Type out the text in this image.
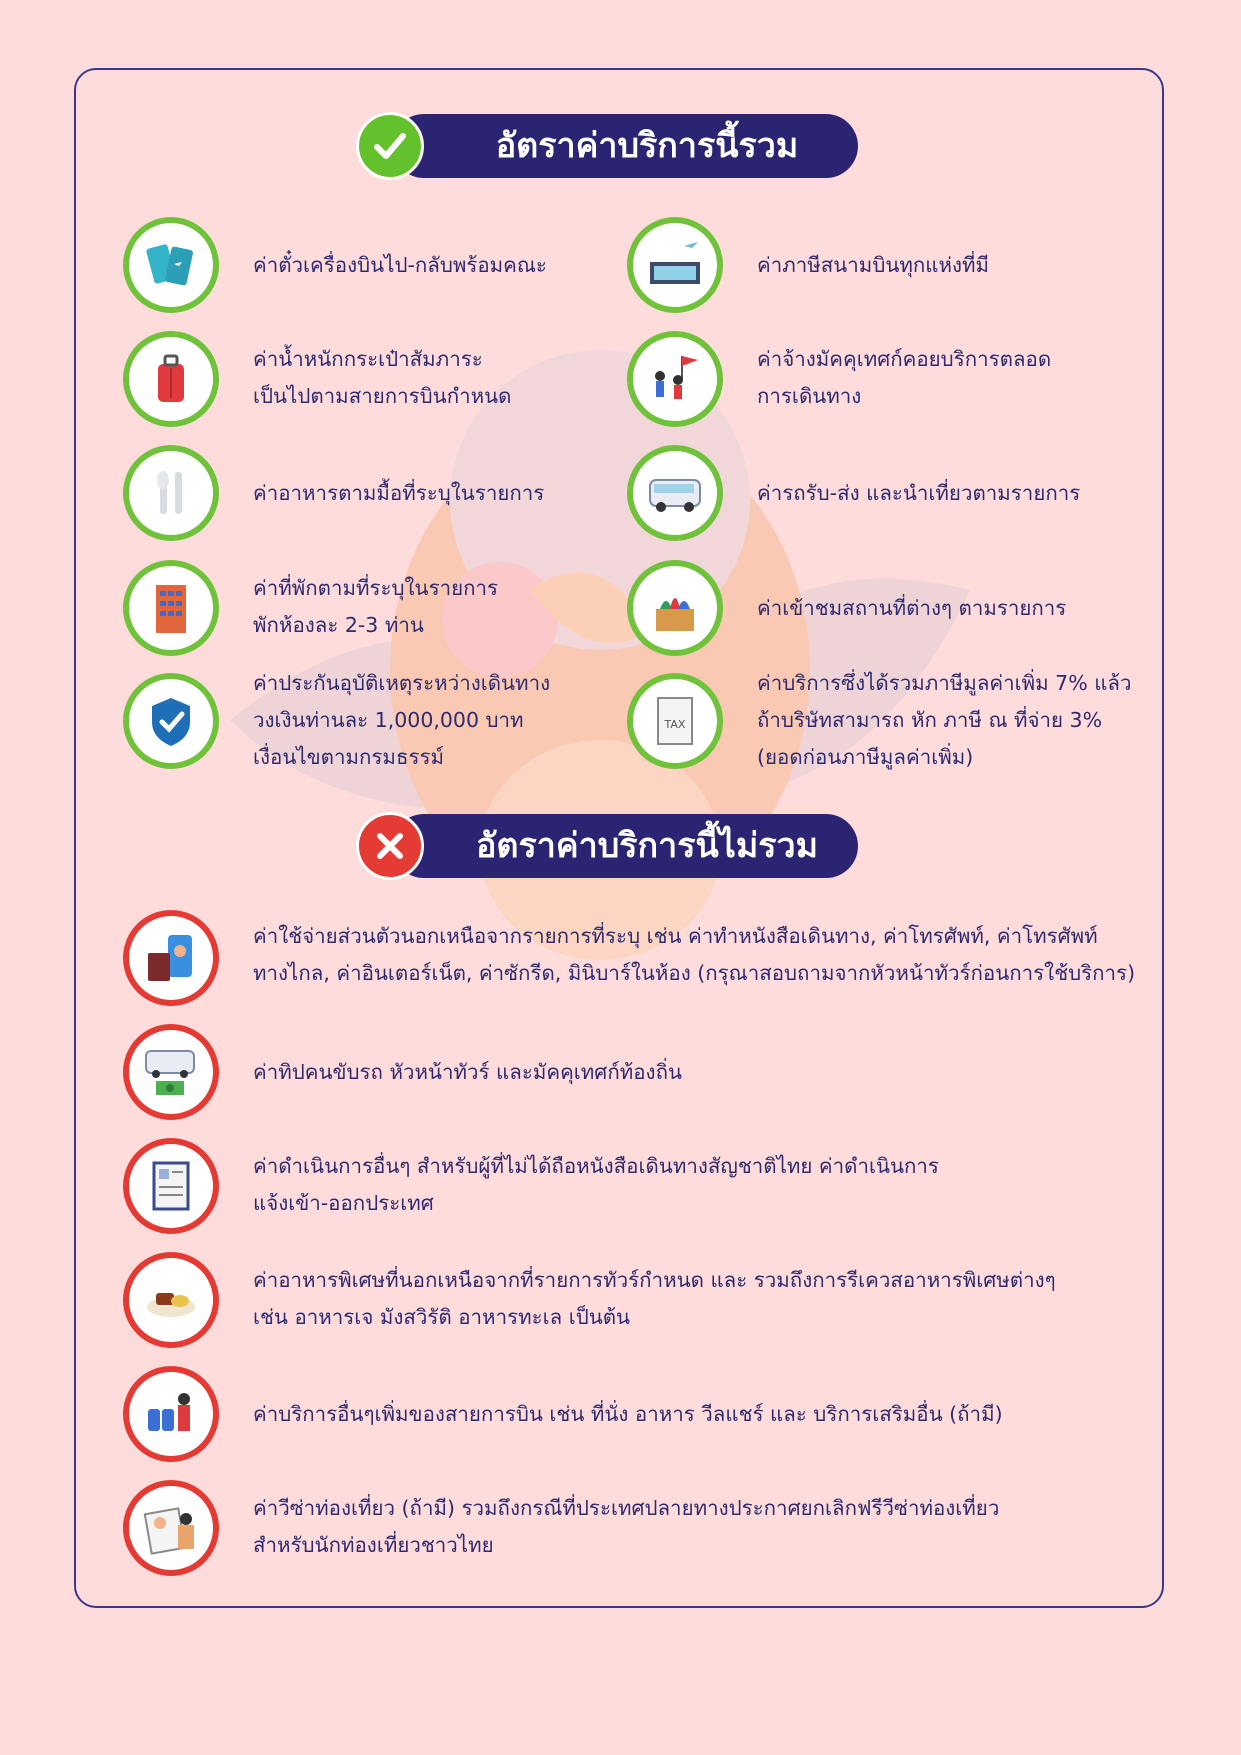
อัตราค่าบริการนี้รวม
ค่าตั๋วเครื่องบินไป-กลับพร้อมคณะ	ค่าภาษีสนามบินทุกแห่งที่มี
ค่าน้ำหนักกระเป๋าสัมภาระ
เป็นไปตามสายการบินกำหนด
ค่าจ้างมัคคุเทศก์คอยบริการตลอด
การเดินทาง
ค่าอาหารตามมื้อที่ระบุในรายการ	ค่ารถรับ-ส่ง และนำเที่ยวตามรายการ
ค่าที่พักตามที่ระบุในรายการ
พักห้องละ 2-3 ท่าน
ค่าเข้าชมสถานที่ต่างๆ ตามรายการ
ค่าประกันอุบัติเหตุระหว่างเดินทาง
วงเงินท่านละ 1,000,000 บาท
เงื่อนไขตามกรมธรรม์
TAX
ค่าบริการซึ่งได้รวมภาษีมูลค่าเพิ่ม 7% แล้ว
ถ้าบริษัทสามารถ หัก ภาษี ณ ที่จ่าย 3%
(ยอดก่อนภาษีมูลค่าเพิ่ม)
อัตราค่าบริการนี้ไม่รวม
ค่าใช้จ่ายส่วนตัวนอกเหนือจากรายการที่ระบุ เช่น ค่าทำหนังสือเดินทาง, ค่าโทรศัพท์, ค่าโทรศัพท์
ทางไกล, ค่าอินเตอร์เน็ต, ค่าซักรีด, มินิบาร์ในห้อง (กรุณาสอบถามจากหัวหน้าทัวร์ก่อนการใช้บริการ)
ค่าทิปคนขับรถ หัวหน้าทัวร์ และมัคคุเทศก์ท้องถิ่น
ค่าดำเนินการอื่นๆ สำหรับผู้ที่ไม่ได้ถือหนังสือเดินทางสัญชาติไทย ค่าดำเนินการ
แจ้งเข้า-ออกประเทศ
ค่าอาหารพิเศษที่นอกเหนือจากที่รายการทัวร์กำหนด และ รวมถึงการรีเควสอาหารพิเศษต่างๆ
เช่น อาหารเจ มังสวิรัติ อาหารทะเล เป็นต้น
ค่าบริการอื่นๆเพิ่มของสายการบิน เช่น ที่นั่ง อาหาร วีลแชร์ และ บริการเสริมอื่น (ถ้ามี)
ค่าวีซ่าท่องเที่ยว (ถ้ามี) รวมถึงกรณีที่ประเทศปลายทางประกาศยกเลิกฟรีวีซ่าท่องเที่ยว
สำหรับนักท่องเที่ยวชาวไทย
